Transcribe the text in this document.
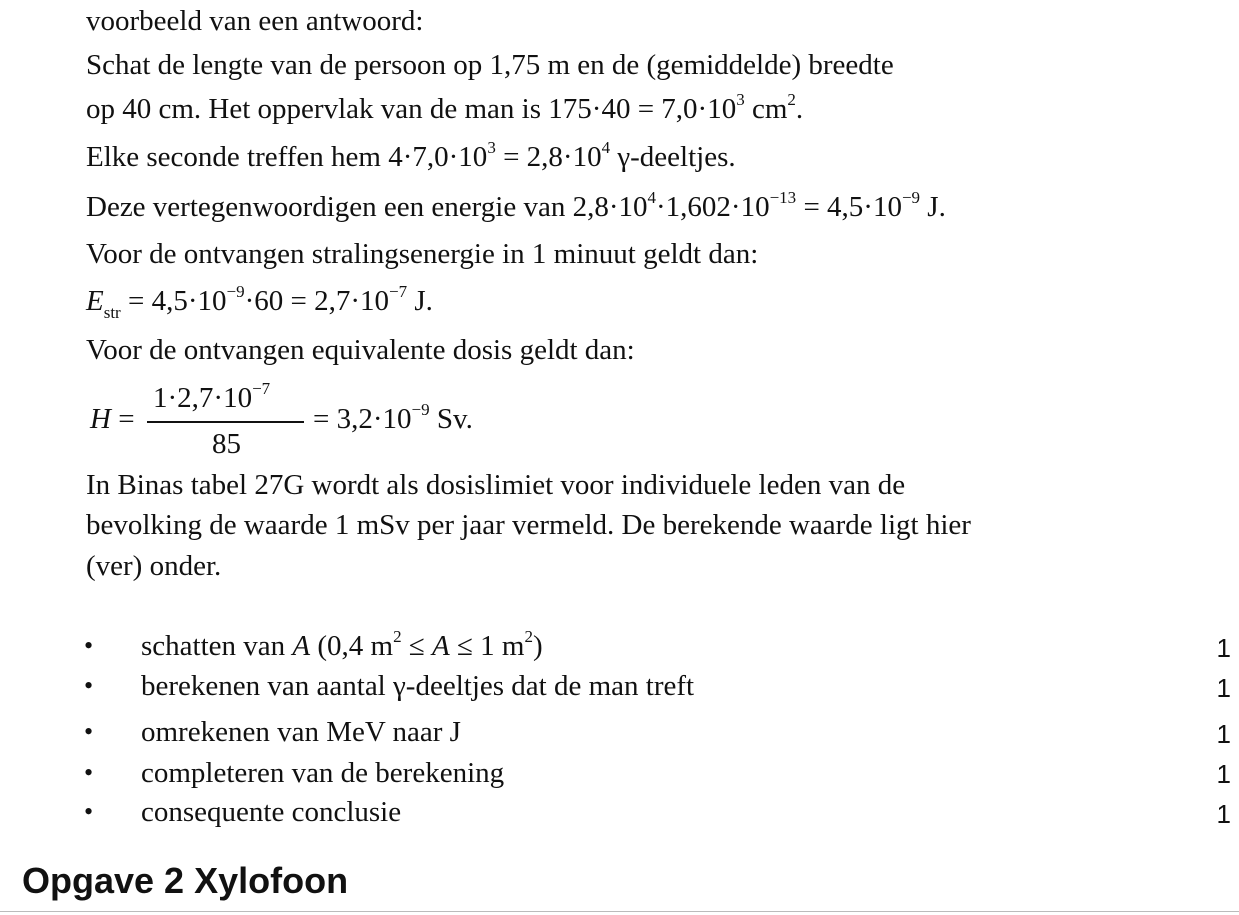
voorbeeld van een antwoord:
Schat de lengte van de persoon op 1,75 m en de (gemiddelde) breedte
op 40 cm. Het oppervlak van de man is $175\cdot 40 = 7,0\cdot 10^3$ $cm^2$.
Elke seconde treffen hem $4\cdot 7,0\cdot 10^3 = 2,8\cdot 10^4$ γ-deeltjes.
Deze vertegenwoordigen een energie van $2,8\cdot 10^4\cdot 1,602\cdot 10^{-13} = 4,5\cdot 10^{-9}$ J.
Voor de ontvangen stralingsenergie in 1 minuut geldt dan:
$E_{str} = 4,5\cdot 10^{-9}\cdot 60 = 2,7\cdot 10^{-7}$ J.
Voor de ontvangen equivalente dosis geldt dan:
H =
$1\cdot 2,7\cdot 10^{-7}$
85
= $3,2\cdot 10^{-9}$ Sv.
In Binas tabel 27G wordt als dosislimiet voor individuele leden van de
bevolking de waarde 1 mSv per jaar vermeld. De berekende waarde ligt hier
(ver) onder.
• schatten van A (0,4 $m^2 \le A \le 1$ $m^2$)	1
• berekenen van aantal γ-deeltjes dat de man treft	1
• omrekenen van MeV naar J	1
• completeren van de berekening	1
• consequente conclusie	1
Opgave 2 Xylofoon
